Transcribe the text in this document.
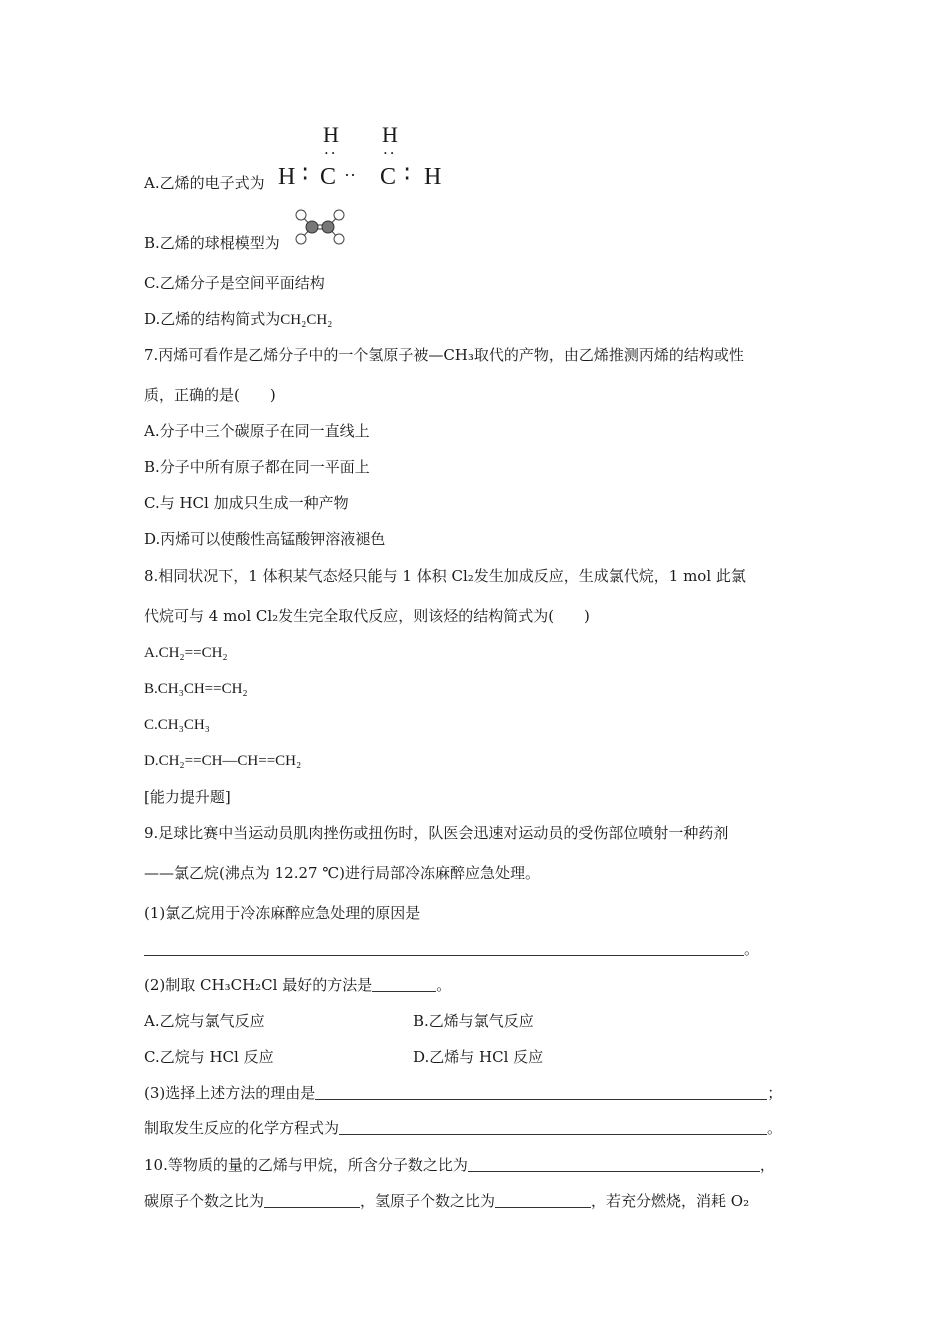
H H
··	··
A.乙烯的电子式为 H ∶ C ·· C ∶ H
B.乙烯的球棍模型为
C.乙烯分子是空间平面结构
D.乙烯的结构简式为CH₂CH₂
7.丙烯可看作是乙烯分子中的一个氢原子被—CH₃取代的产物，由乙烯推测丙烯的结构或性
质，正确的是(　　)
A.分子中三个碳原子在同一直线上
B.分子中所有原子都在同一平面上
C.与 HCl 加成只生成一种产物
D.丙烯可以使酸性高锰酸钾溶液褪色
8.相同状况下，1 体积某气态烃只能与 1 体积 Cl₂发生加成反应，生成氯代烷，1 mol 此氯
代烷可与 4 mol Cl₂发生完全取代反应，则该烃的结构简式为(　　)
A.CH₂==CH₂
B.CH₃CH==CH₂
C.CH₃CH₃
D.CH₂==CH—CH==CH₂
[能力提升题]
9.足球比赛中当运动员肌肉挫伤或扭伤时，队医会迅速对运动员的受伤部位喷射一种药剂
——氯乙烷(沸点为 12.27 ℃)进行局部冷冻麻醉应急处理。
(1)氯乙烷用于冷冻麻醉应急处理的原因是
。
(2)制取 CH₃CH₂Cl 最好的方法是	。
A.乙烷与氯气反应	B.乙烯与氯气反应
C.乙烷与 HCl 反应	D.乙烯与 HCl 反应
(3)选择上述方法的理由是	；
制取发生反应的化学方程式为	。
10.等物质的量的乙烯与甲烷，所含分子数之比为	，
碳原子个数之比为	，氢原子个数之比为	，若充分燃烧，消耗 O₂
